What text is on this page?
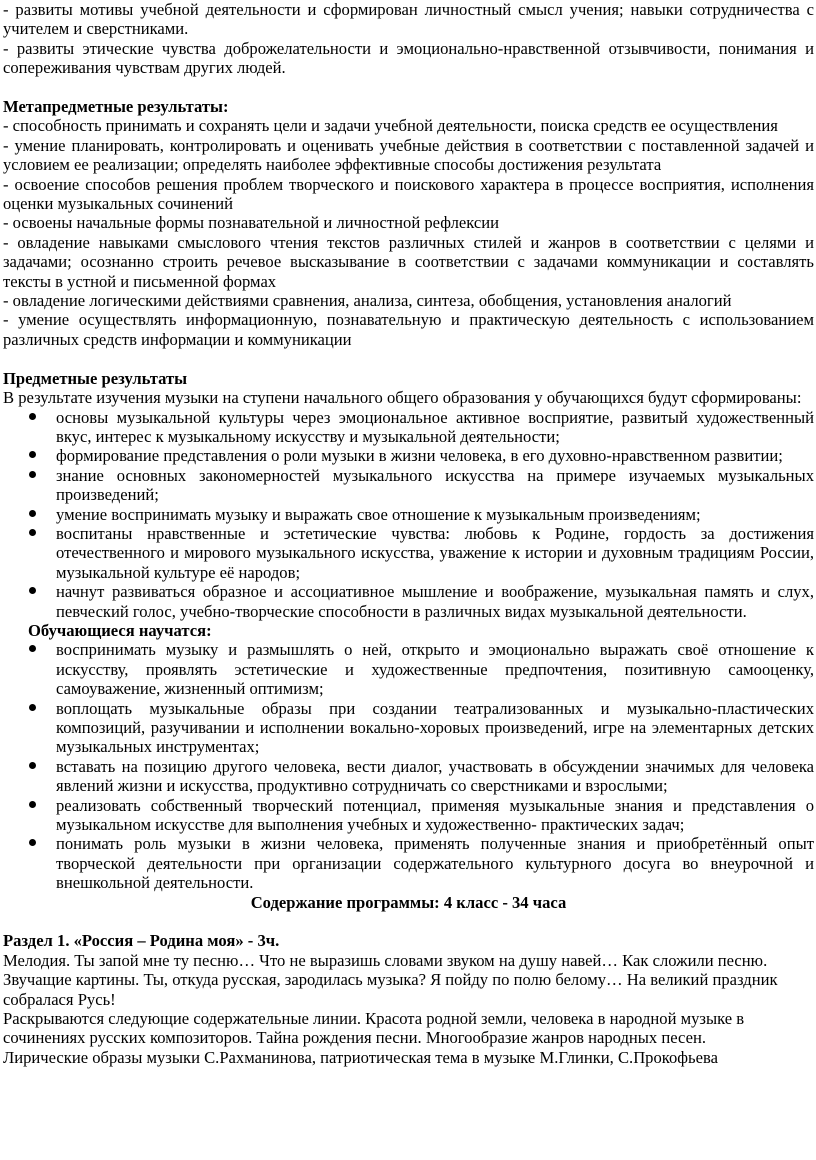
- развиты мотивы учебной деятельности и сформирован личностный смысл учения; навыки сотрудничества с учителем и сверстниками.

- развиты этические чувства доброжелательности и эмоционально-нравственной отзывчивости, понимания и сопереживания чувствам других людей.

Метапредметные результаты:

- способность принимать и сохранять цели и задачи учебной деятельности, поиска средств ее осуществления

- умение планировать, контролировать и оценивать учебные действия в соответствии с поставленной задачей и условием ее реализации; определять наиболее эффективные способы достижения результата

- освоение способов решения проблем творческого и поискового характера в процессе восприятия, исполнения оценки музыкальных сочинений

- освоены начальные формы познавательной и личностной рефлексии

- овладение навыками смыслового чтения текстов различных стилей и жанров в соответствии с целями и задачами; осознанно строить речевое высказывание в соответствии с задачами коммуникации и составлять тексты в устной и письменной формах

- овладение логическими действиями сравнения, анализа, синтеза, обобщения, установления аналогий

- умение осуществлять информационную, познавательную и практическую деятельность с использованием различных средств информации и коммуникации

Предметные результаты

В результате изучения музыки на ступени начального общего образования у обучающихся будут сформированы:

основы музыкальной культуры через эмоциональное активное восприятие, развитый художественный вкус, интерес к музыкальному искусству и музыкальной деятельности;
формирование представления о роли музыки в жизни человека, в его духовно-нравственном развитии;
знание основных закономерностей музыкального искусства на примере изучаемых музыкальных произведений;
умение воспринимать музыку и выражать свое отношение к музыкальным произведениям;
воспитаны нравственные и эстетические чувства: любовь к Родине, гордость за достижения отечественного и мирового музыкального искусства, уважение к истории и духовным традициям России, музыкальной культуре её народов;
начнут развиваться образное и ассоциативное мышление и воображение, музыкальная память и слух, певческий голос, учебно-творческие способности в различных видах музыкальной деятельности.

Обучающиеся научатся:

воспринимать музыку и размышлять о ней, открыто и эмоционально выражать своё отношение к искусству, проявлять эстетические и художественные предпочтения, позитивную самооценку, самоуважение, жизненный оптимизм;
воплощать музыкальные образы при создании театрализованных и музыкально-пластических композиций, разучивании и исполнении вокально-хоровых произведений, игре на элементарных детских музыкальных инструментах;
вставать на позицию другого человека, вести диалог, участвовать в обсуждении значимых для человека явлений жизни и искусства, продуктивно сотрудничать со сверстниками и взрослыми;
реализовать собственный творческий потенциал, применяя музыкальные знания и представления о музыкальном искусстве для выполнения учебных и художественно- практических задач;
понимать роль музыки в жизни человека, применять полученные знания и приобретённый опыт творческой деятельности при организации содержательного культурного досуга во внеурочной и внешкольной деятельности.

Содержание программы: 4 класс - 34 часа

Раздел 1. «Россия – Родина моя» - 3ч.

Мелодия. Ты запой мне ту песню… Что не выразишь словами звуком на душу навей… Как сложили песню. Звучащие картины. Ты, откуда русская, зародилась музыка? Я пойду по полю белому… На великий праздник собралася Русь!

Раскрываются следующие содержательные линии. Красота родной земли, человека в народной музыке в сочинениях русских композиторов. Тайна рождения песни. Многообразие жанров народных песен.

Лирические образы музыки С.Рахманинова, патриотическая тема в музыке М.Глинки, С.Прокофьева
